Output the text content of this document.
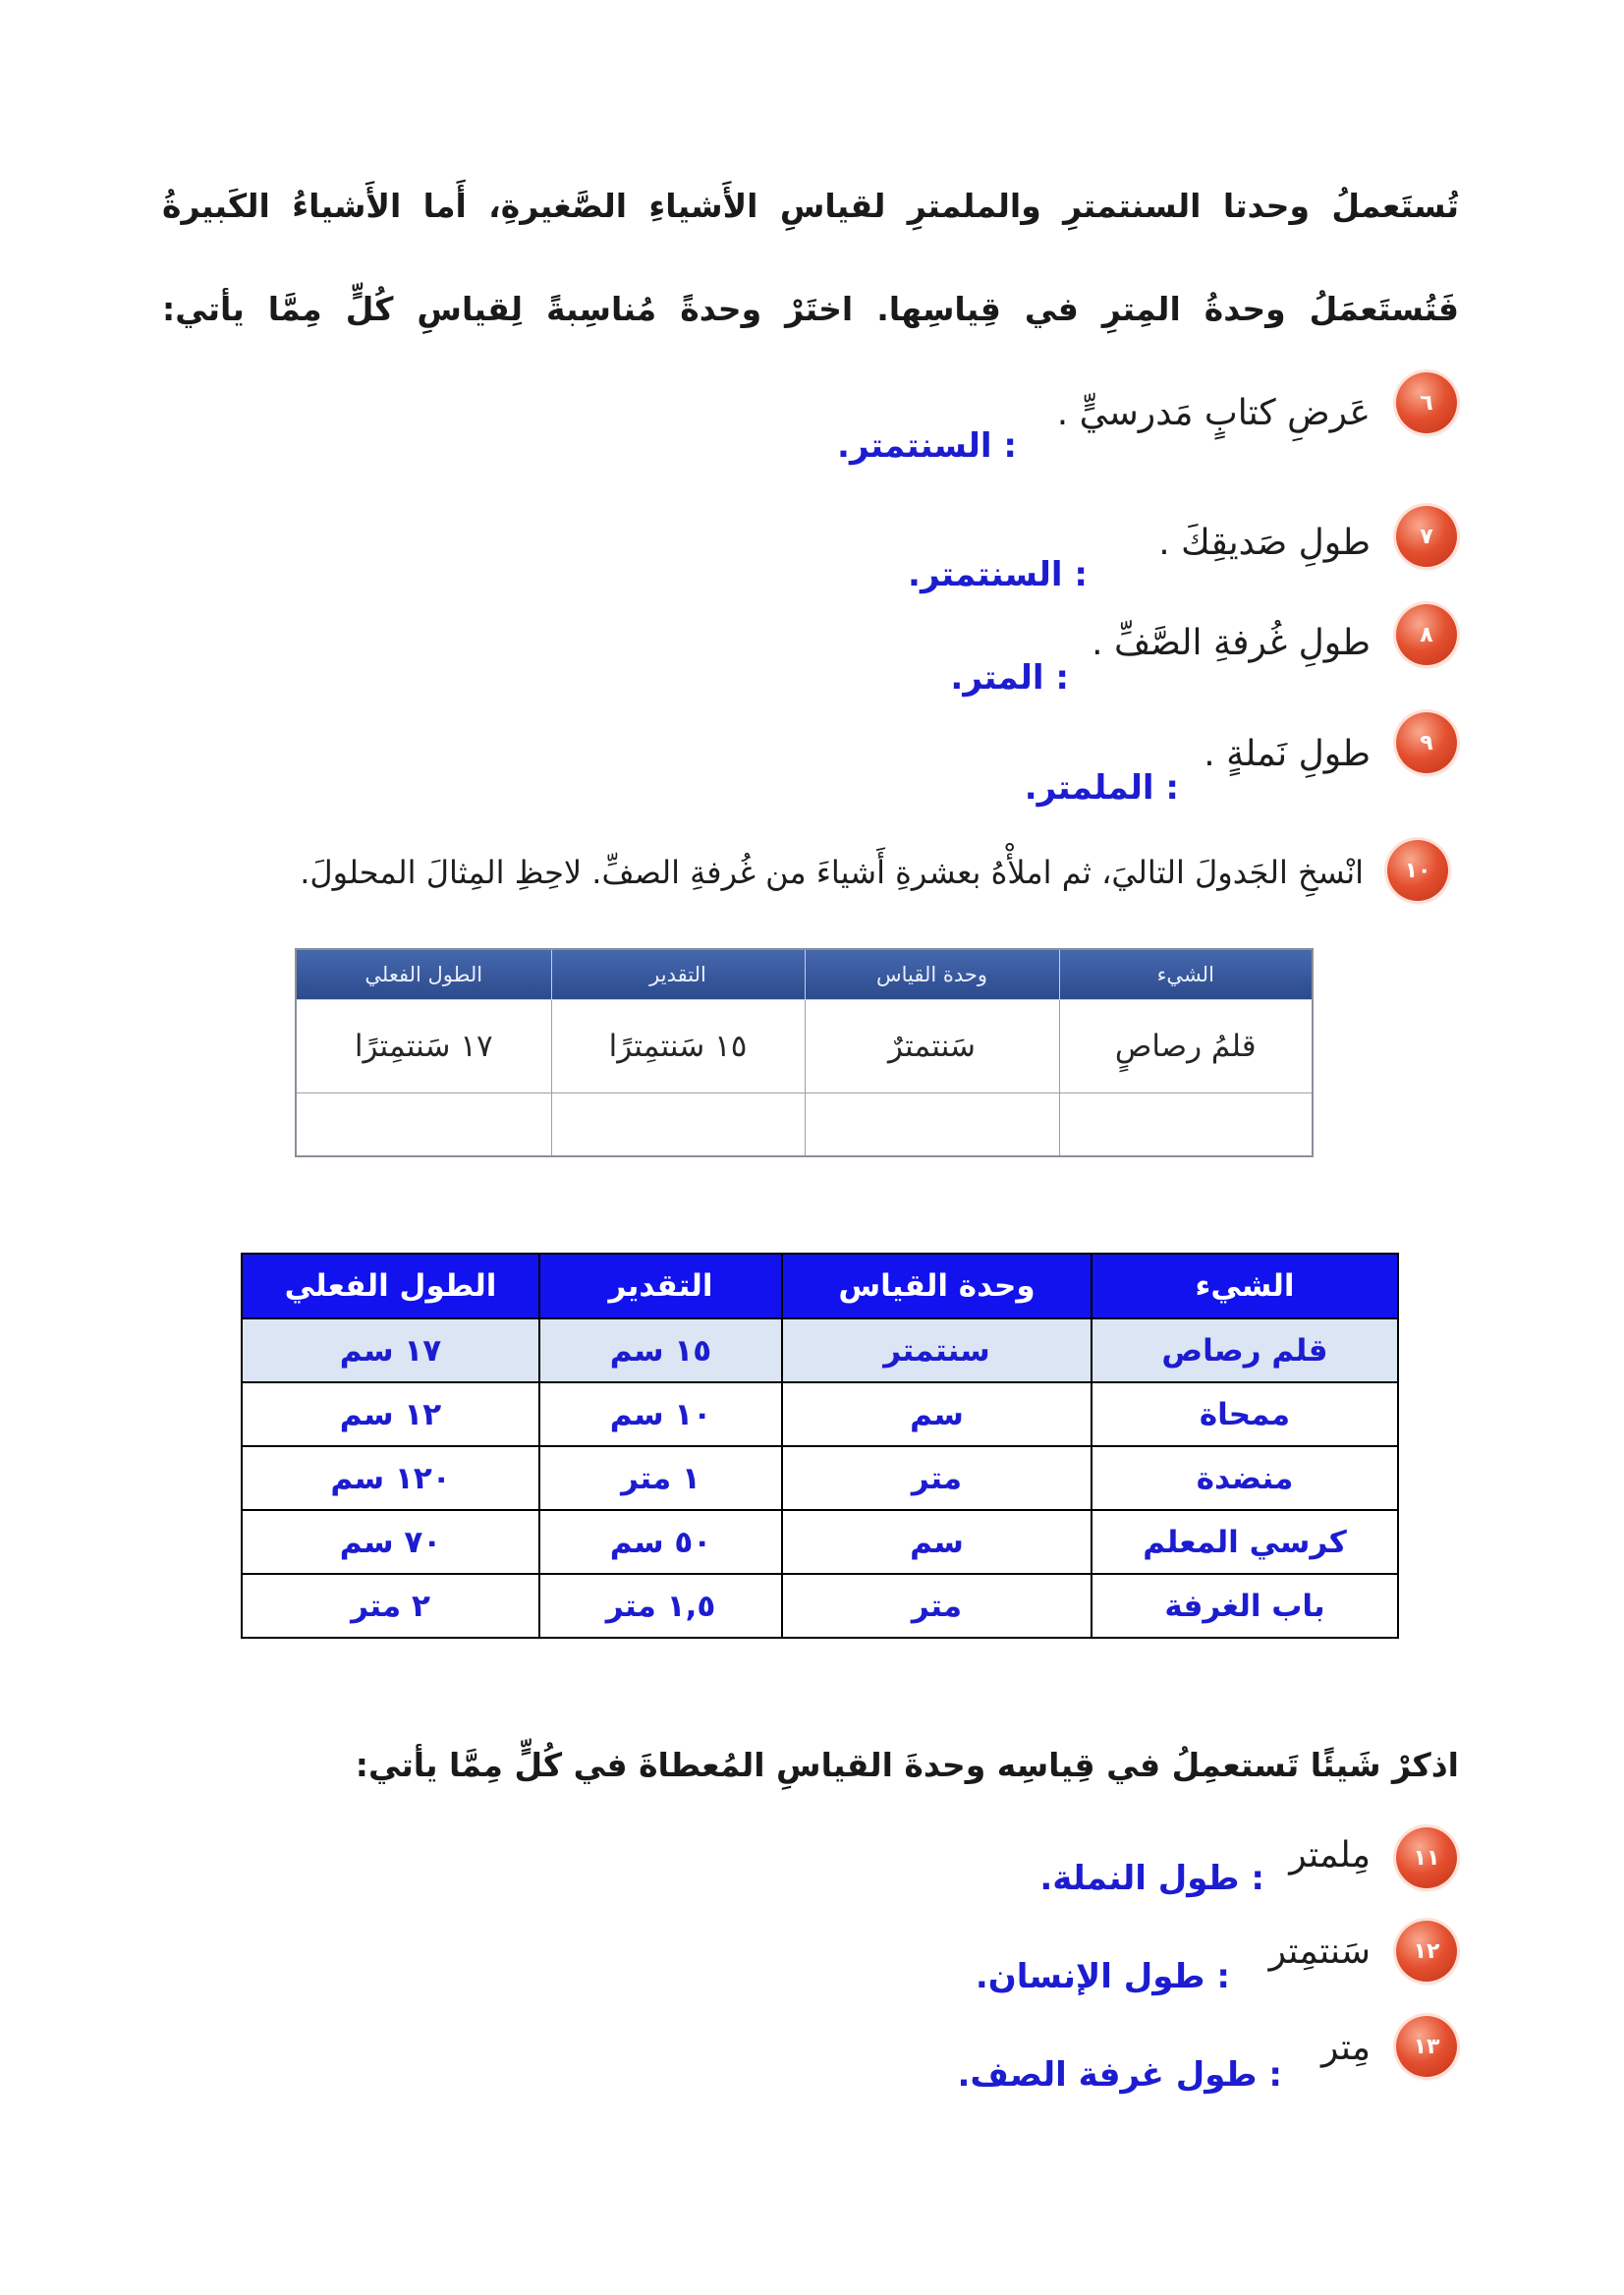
تُستَعملُ وحدتا السنتمترِ والملمترِ لقياسِ الأَشياءِ الصَّغيرةِ، أَما الأَشياءُ الكَبيرةُ
فَتُستَعمَلُ وحدةُ المِترِ في قِياسِها. اختَرْ وحدةً مُناسِبةً لِقياسِ كُلٍّ مِمَّا يأتي:
٦
عَرضِ كتابٍ مَدرسيٍّ .
: السنتمتر.
٧
طولِ صَديقِكَ .
: السنتمتر.
٨
طولِ غُرفةِ الصَّفِّ .
: المتر.
٩
طولِ نَملةٍ .
: الملمتر.
١٠
انْسخِ الجَدولَ التاليَ، ثم املأْهُ بعشرةِ أَشياءَ من غُرفةِ الصفِّ. لاحِظِ المِثالَ المحلولَ.
الشيء	وحدة القياس	التقدير	الطول الفعلي
قلمُ رصاصٍ	سَنتمترٌ	١٥ سَنتمِترًا	١٧ سَنتمِترًا

الشيء	وحدة القياس	التقدير	الطول الفعلي
قلم رصاص	سنتمتر	١٥ سم	١٧ سم
ممحاة	سم	١٠ سم	١٢ سم
منضدة	متر	١ متر	١٢٠ سم
كرسي المعلم	سم	٥٠ سم	٧٠ سم
باب الغرفة	متر	١,٥ متر	٢ متر
اذكرْ شَيئًا تَستعمِلُ في قِياسِه وحدةَ القياسِ المُعطاةَ في كُلٍّ مِمَّا يأتي:
١١
مِلمتر
: طول النملة.
١٢
سَنتمِتر
: طول الإنسان.
١٣
مِتر
: طول غرفة الصف.
